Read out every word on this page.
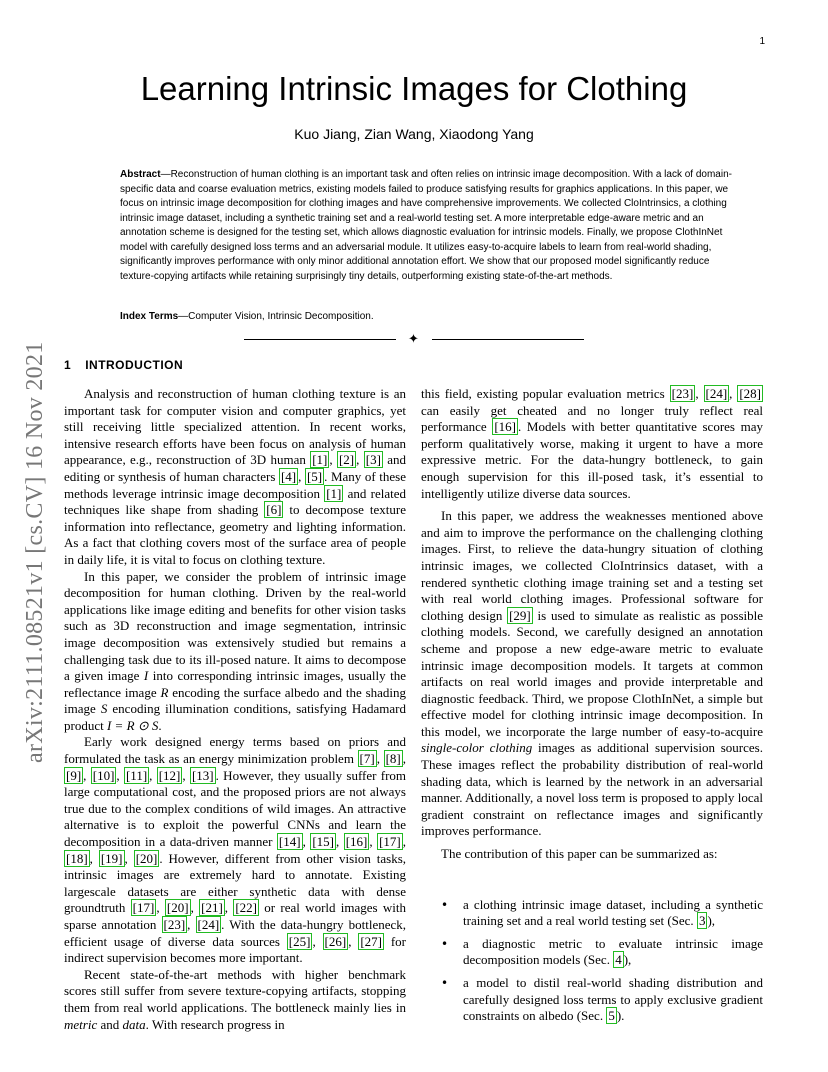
1
arXiv:2111.08521v1 [cs.CV] 16 Nov 2021
Learning Intrinsic Images for Clothing
Kuo Jiang, Zian Wang, Xiaodong Yang
Abstract—Reconstruction of human clothing is an important task and often relies on intrinsic image decomposition. With a lack of domain-specific data and coarse evaluation metrics, existing models failed to produce satisfying results for graphics applications. In this paper, we focus on intrinsic image decomposition for clothing images and have comprehensive improvements. We collected CloIntrinsics, a clothing intrinsic image dataset, including a synthetic training set and a real-world testing set. A more interpretable edge-aware metric and an annotation scheme is designed for the testing set, which allows diagnostic evaluation for intrinsic models. Finally, we propose ClothInNet model with carefully designed loss terms and an adversarial module. It utilizes easy-to-acquire labels to learn from real-world shading, significantly improves performance with only minor additional annotation effort. We show that our proposed model significantly reduce texture-copying artifacts while retaining surprisingly tiny details, outperforming existing state-of-the-art methods.
Index Terms—Computer Vision, Intrinsic Decomposition.
✦
1 INTRODUCTION

Analysis and reconstruction of human clothing texture is an important task for computer vision and computer graphics, yet still receiving little specialized attention. In recent works, intensive research efforts have been focus on analysis of human appearance, e.g., reconstruction of 3D human [1] , [2] , [3] and editing or synthesis of human characters [4] , [5] . Many of these methods leverage intrinsic image decomposition [1] and related techniques like shape from shading [6] to decompose texture information into reflectance, geometry and lighting information. As a fact that clothing covers most of the surface area of people in daily life, it is vital to focus on clothing texture.

In this paper, we consider the problem of intrinsic image decomposition for human clothing. Driven by the real-world applications like image editing and benefits for other vision tasks such as 3D reconstruction and image segmentation, intrinsic image decomposition was extensively studied but remains a challenging task due to its ill-posed nature. It aims to decompose a given image I into corresponding intrinsic images, usually the reflectance image R encoding the surface albedo and the shading image S encoding illumination conditions, satisfying Hadamard product I = R ⊙ S.

Early work designed energy terms based on priors and formulated the task as an energy minimization problem [7] , [8] , [9] , [10] , [11] , [12] , [13] . However, they usually suffer from large computational cost, and the proposed priors are not always true due to the complex conditions of wild images. An attractive alternative is to exploit the powerful CNNs and learn the decomposition in a data-driven manner [14] , [15] , [16] , [17] , [18] , [19] , [20] . However, different from other vision tasks, intrinsic images are extremely hard to annotate. Existing largescale datasets are either synthetic data with dense groundtruth [17] , [20] , [21] , [22] or real world images with sparse annotation [23] , [24] . With the data-hungry bottleneck, efficient usage of diverse data sources [25] , [26] , [27] for indirect supervision becomes more important.

Recent state-of-the-art methods with higher benchmark scores still suffer from severe texture-copying artifacts, stopping them from real world applications. The bottleneck mainly lies in metric and data. With research progress in

this field, existing popular evaluation metrics [23] , [24] , [28] can easily get cheated and no longer truly reflect real performance [16] . Models with better quantitative scores may perform qualitatively worse, making it urgent to have a more expressive metric. For the data-hungry bottleneck, to gain enough supervision for this ill-posed task, it’s essential to intelligently utilize diverse data sources.

In this paper, we address the weaknesses mentioned above and aim to improve the performance on the challenging clothing images. First, to relieve the data-hungry situation of clothing intrinsic images, we collected CloIntrinsics dataset, with a rendered synthetic clothing image training set and a testing set with real world clothing images. Professional software for clothing design [29] is used to simulate as realistic as possible clothing models. Second, we carefully designed an annotation scheme and propose a new edge-aware metric to evaluate intrinsic image decomposition models. It targets at common artifacts on real world images and provide interpretable and diagnostic feedback. Third, we propose ClothInNet, a simple but effective model for clothing intrinsic image decomposition. In this model, we incorporate the large number of easy-to-acquire single-color clothing images as additional supervision sources. These images reflect the probability distribution of real-world shading data, which is learned by the network in an adversarial manner. Additionally, a novel loss term is proposed to apply local gradient constraint on reflectance images and significantly improves performance.

The contribution of this paper can be summarized as:

• a clothing intrinsic image dataset, including a synthetic training set and a real world testing set (Sec. 3 ),
• a diagnostic metric to evaluate intrinsic image decomposition models (Sec. 4 ),
• a model to distil real-world shading distribution and carefully designed loss terms to apply exclusive gradient constraints on albedo (Sec. 5 ).
